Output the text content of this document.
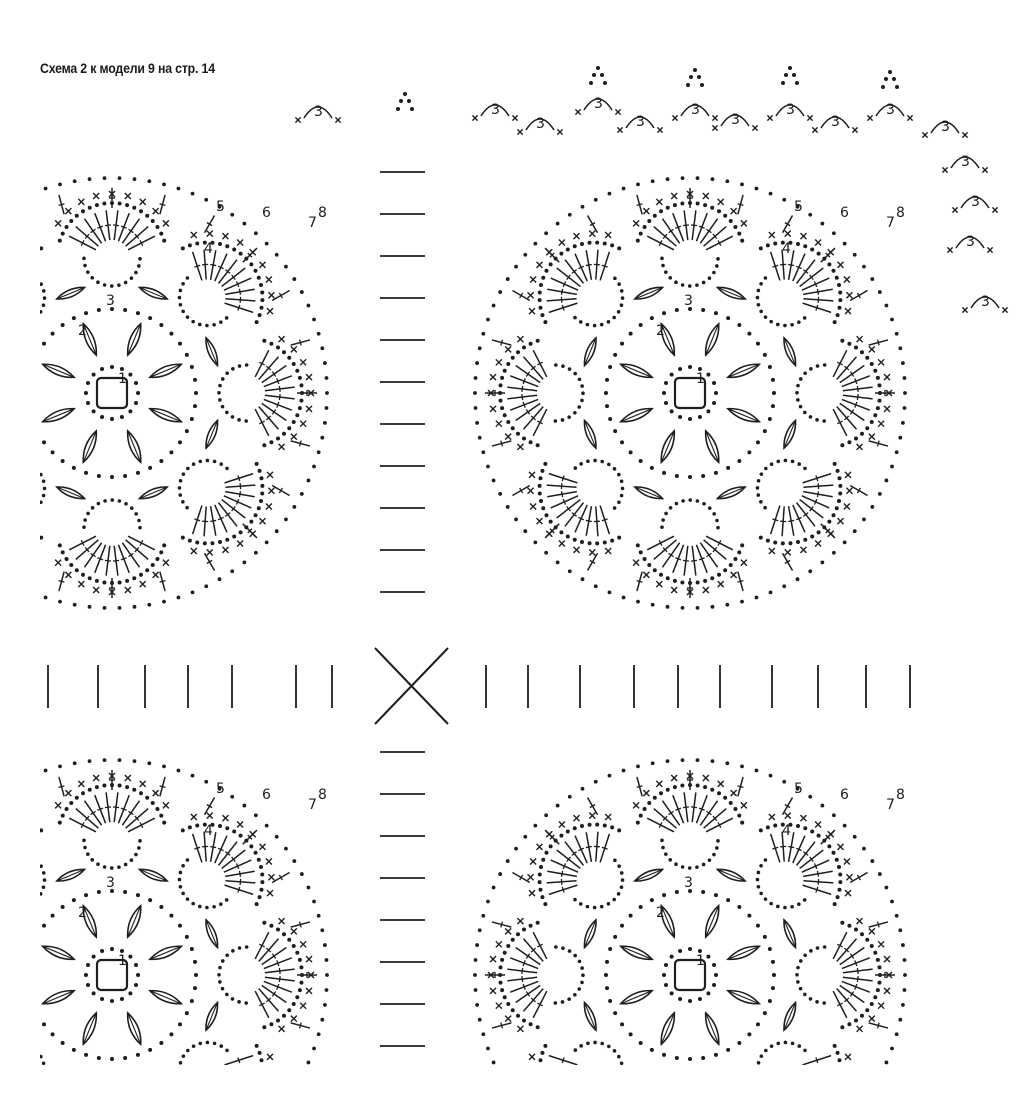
Схема 2 к модели 9 на стр. 14
3	3
3
3
3
3
3
3
3
3
3
3
3
3
3
1
2
3
4
5	6
7
8
1
2
3
4
5	6
7
8
1
2
3
4
5	6
7
8
1
2
3
4
5	6
7
8
